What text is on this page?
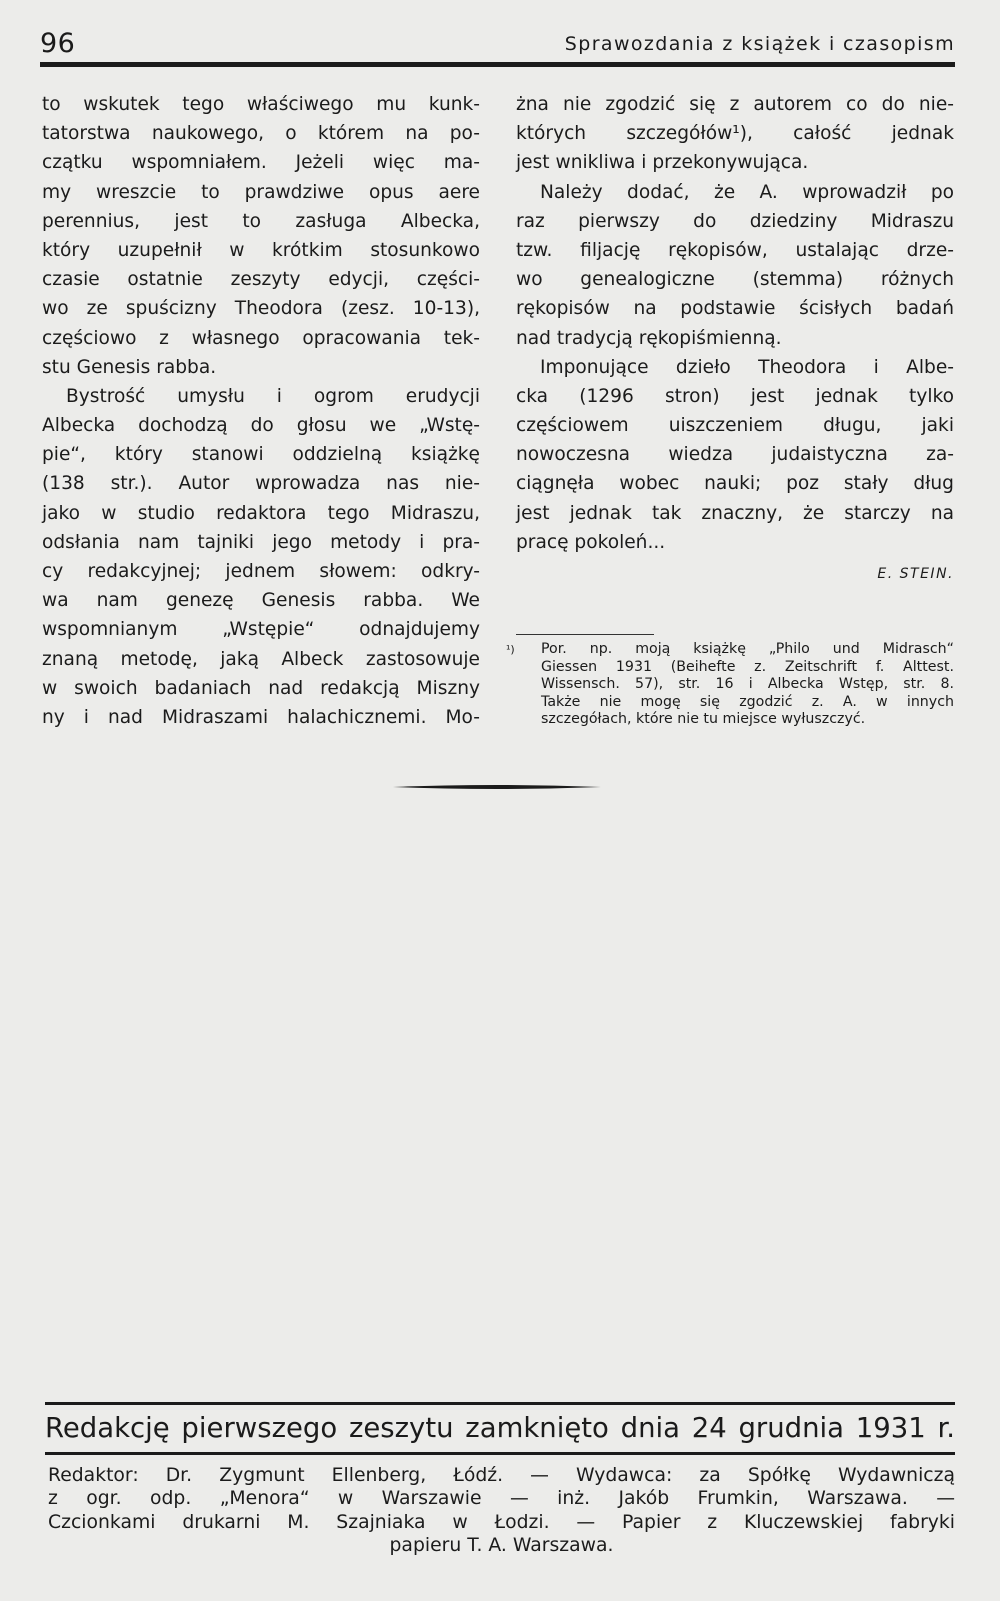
96	Sprawozdania z książek i czasopism
to wskutek tego właściwego mu kunk-
tatorstwa naukowego, o którem na po-
czątku wspomniałem. Jeżeli więc ma-
my wreszcie to prawdziwe opus aere
perennius, jest to zasługa Albecka,
który uzupełnił w krótkim stosunkowo
czasie ostatnie zeszyty edycji, części-
wo ze spuścizny Theodora (zesz. 10-13),
częściowo z własnego opracowania tek-
stu Genesis rabba.
Bystrość umysłu i ogrom erudycji
Albecka dochodzą do głosu we „Wstę-
pie“, który stanowi oddzielną książkę
(138 str.). Autor wprowadza nas nie-
jako w studio redaktora tego Midraszu,
odsłania nam tajniki jego metody i pra-
cy redakcyjnej; jednem słowem: odkry-
wa nam genezę Genesis rabba. We
wspomnianym „Wstępie“ odnajdujemy
znaną metodę, jaką Albeck zastosowuje
w swoich badaniach nad redakcją Miszny
ny i nad Midraszami halachicznemi. Mo-
żna nie zgodzić się z autorem co do nie-
których szczegółów¹), całość jednak
jest wnikliwa i przekonywująca.
Należy dodać, że A. wprowadził po
raz pierwszy do dziedziny Midraszu
tzw. filjację rękopisów, ustalając drze-
wo genealogiczne (stemma) różnych
rękopisów na podstawie ścisłych badań
nad tradycją rękopiśmienną.
Imponujące dzieło Theodora i Albe-
cka (1296 stron) jest jednak tylko
częściowem uiszczeniem długu, jaki
nowoczesna wiedza judaistyczna za-
ciągnęła wobec nauki; poz stały dług
jest jednak tak znaczny, że starczy na
pracę pokoleń...
E. STEIN.
¹) Por. np. moją książkę „Philo und Midrasch“
Giessen 1931 (Beihefte z. Zeitschrift f. Alttest.
Wissensch. 57), str. 16 i Albecka Wstęp, str. 8.
Także nie mogę się zgodzić z. A. w innych
szczegółach, które nie tu miejsce wyłuszczyć.
Redakcję pierwszego zeszytu zamknięto dnia 24 grudnia 1931 r.
Redaktor: Dr. Zygmunt Ellenberg, Łódź. — Wydawca: za Spółkę Wydawniczą
z ogr. odp. „Menora“ w Warszawie — inż. Jakób Frumkin, Warszawa. —
Czcionkami drukarni M. Szajniaka w Łodzi. — Papier z Kluczewskiej fabryki
papieru T. A. Warszawa.
